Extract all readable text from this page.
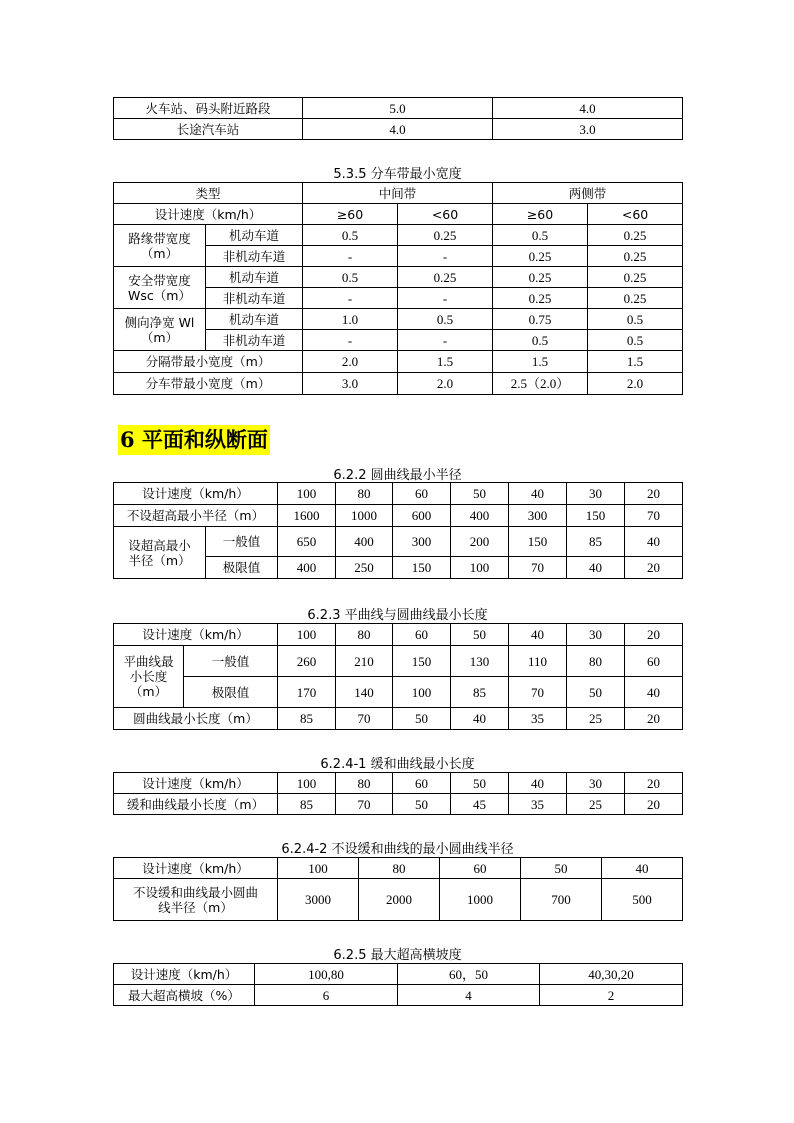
火车站、码头附近路段	5.0	4.0
长途汽车站	4.0	3.0
5.3.5 分车带最小宽度
类型		中间带		两侧带	
设计速度（km/h）		≥60	<60	≥60	<60
路缘带宽度
（m）	机动车道	0.5	0.25	0.5	0.25
	非机动车道	-	-	0.25	0.25
安全带宽度
Wsc（m）	机动车道	0.5	0.25	0.25	0.25
	非机动车道	-	-	0.25	0.25
侧向净宽 Wl
（m）	机动车道	1.0	0.5	0.75	0.5
	非机动车道	-	-	0.5	0.5
分隔带最小宽度（m）		2.0	1.5	1.5	1.5
分车带最小宽度（m）		3.0	2.0	2.5（2.0）	2.0
6 平面和纵断面
6.2.2 圆曲线最小半径
设计速度（km/h）		100	80	60	50	40	30	20
不设超高最小半径（m）		1600	1000	600	400	300	150	70
设超高最小
半径（m）	一般值	650	400	300	200	150	85	40
	极限值	400	250	150	100	70	40	20
6.2.3 平曲线与圆曲线最小长度
设计速度（km/h）		100	80	60	50	40	30	20
平曲线最
小长度
（m）	一般值	260	210	150	130	110	80	60
	极限值	170	140	100	85	70	50	40
圆曲线最小长度（m）		85	70	50	40	35	25	20
6.2.4-1 缓和曲线最小长度
设计速度（km/h）	100	80	60	50	40	30	20
缓和曲线最小长度（m）	85	70	50	45	35	25	20
6.2.4-2 不设缓和曲线的最小圆曲线半径
设计速度（km/h）	100	80	60	50	40
不设缓和曲线最小圆曲
线半径（m）	3000	2000	1000	700	500
6.2.5 最大超高横坡度
设计速度（km/h）	100,80	60，50	40,30,20
最大超高横坡（%）	6	4	2
